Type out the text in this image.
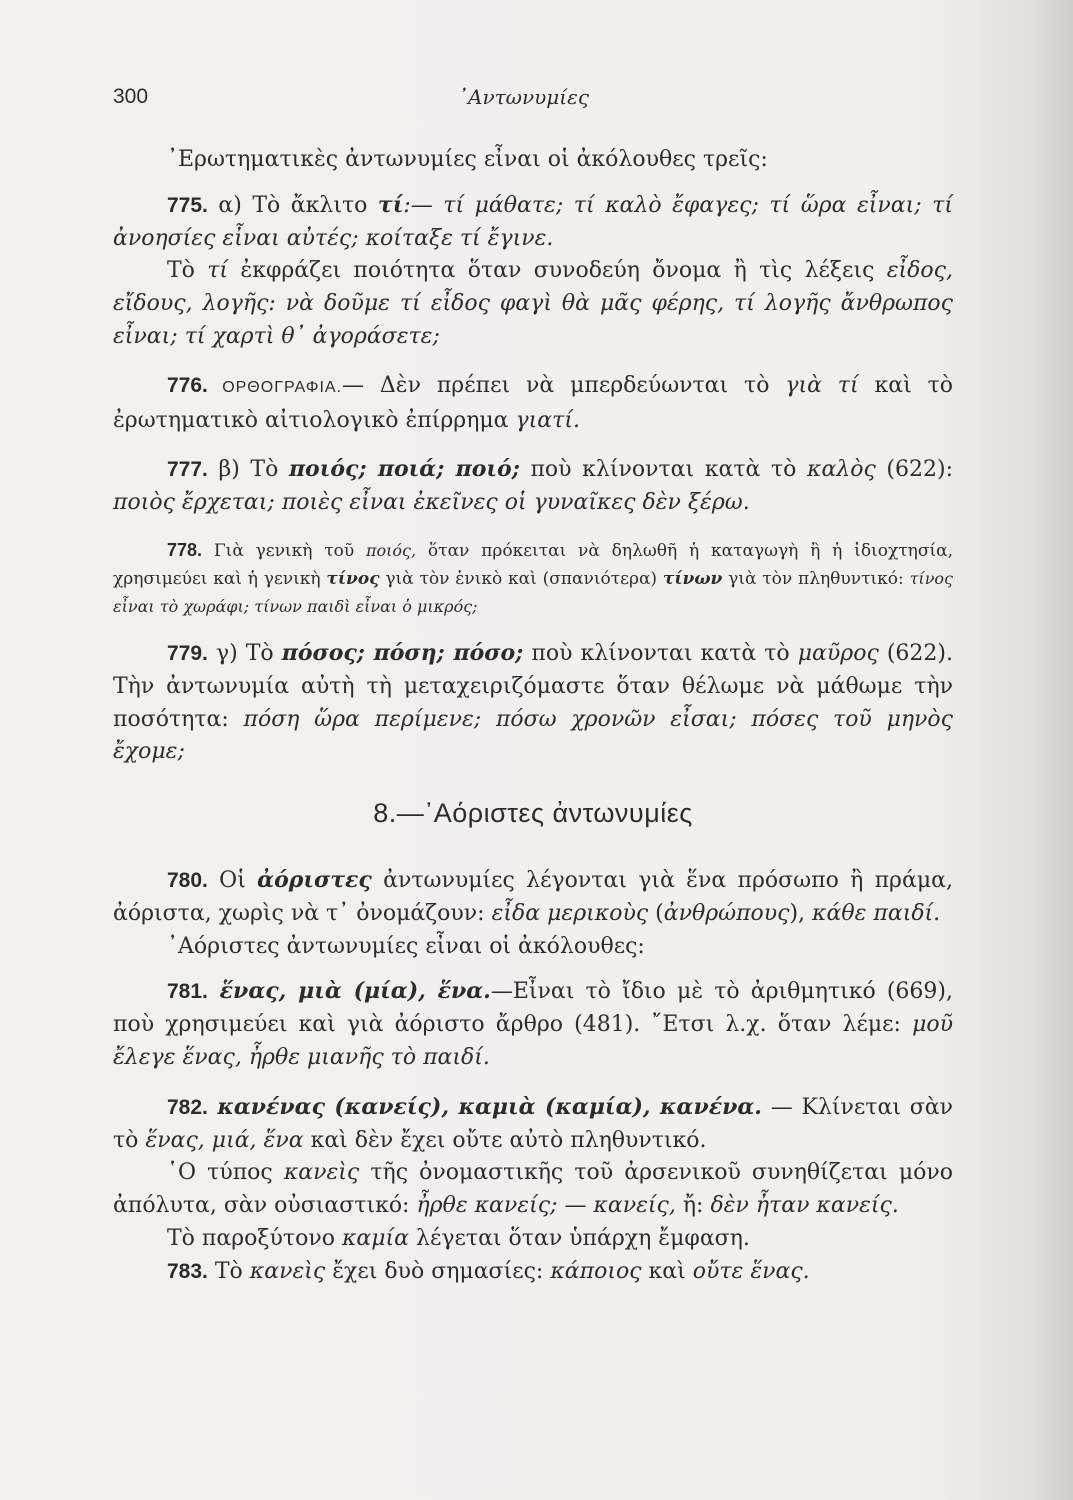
300	᾿Αντωνυμίες

᾿Ερωτηματικὲς ἀντωνυμίες εἶναι οἱ ἀκόλουθες τρεῖς:

775. α) Τὸ ἄκλιτο τί:— τί μάθατε; τί καλὸ ἔφαγες; τί ὥρα εἶναι; τί ἀνοησίες εἶναι αὐτές; κοίταξε τί ἔγινε.

Τὸ τί ἐκφράζει ποιότητα ὅταν συνοδεύη ὄνομα ἢ τὶς λέξεις εἶδος, εἴδους, λογῆς: νὰ δοῦμε τί εἶδος φαγὶ θὰ μᾶς φέρης, τί λογῆς ἄνθρωπος εἶναι; τί χαρτὶ θ᾿ ἀγοράσετε;

776. ΟΡΘΟΓΡΑΦΙΑ.— Δὲν πρέπει νὰ μπερδεύωνται τὸ γιὰ τί καὶ τὸ ἐρωτηματικὸ αἰτιολογικὸ ἐπίρρημα γιατί.

777. β) Τὸ ποιός; ποιά; ποιό; ποὺ κλίνονται κατὰ τὸ καλὸς (622): ποιὸς ἔρχεται; ποιὲς εἶναι ἐκεῖνες οἱ γυναῖκες δὲν ξέρω.

778. Γιὰ γενικὴ τοῦ ποιός, ὅταν πρόκειται νὰ δηλωθῆ ἡ καταγωγὴ ἢ ἡ ἰδιοχτησία, χρησιμεύει καὶ ἡ γενικὴ τίνος γιὰ τὸν ἑνικὸ καὶ (σπανιότερα) τίνων γιὰ τὸν πληθυντικό: τίνος εἶναι τὸ χωράφι; τίνων παιδὶ εἶναι ὁ μικρός;

779. γ) Τὸ πόσος; πόση; πόσο; ποὺ κλίνονται κατὰ τὸ μαῦρος (622). Τὴν ἀντωνυμία αὐτὴ τὴ μεταχειριζόμαστε ὅταν θέλωμε νὰ μάθωμε τὴν ποσότητα: πόση ὥρα περίμενε; πόσω χρονῶν εἶσαι; πόσες τοῦ μηνὸς ἔχομε;

8.—᾿Αόριστες ἀντωνυμίες

780. Οἱ ἀόριστες ἀντωνυμίες λέγονται γιὰ ἕνα πρόσωπο ἢ πράμα, ἀόριστα, χωρὶς νὰ τ᾿ ὀνομάζουν: εἶδα μερικοὺς (ἀνθρώπους), κάθε παιδί.

᾿Αόριστες ἀντωνυμίες εἶναι οἱ ἀκόλουθες:

781. ἕνας, μιὰ (μία), ἕνα.—Εἶναι τὸ ἴδιο μὲ τὸ ἀριθμητικό (669), ποὺ χρησιμεύει καὶ γιὰ ἀόριστο ἄρθρο (481). ῎Ετσι λ.χ. ὅταν λέμε: μοῦ ἔλεγε ἕνας, ἦρθε μιανῆς τὸ παιδί.

782. κανένας (κανείς), καμιὰ (καμία), κανένα. — Κλίνεται σὰν τὸ ἕνας, μιά, ἕνα καὶ δὲν ἔχει οὔτε αὐτὸ πληθυντικό.

῾Ο τύπος κανεὶς τῆς ὀνομαστικῆς τοῦ ἀρσενικοῦ συνηθίζεται μόνο ἀπόλυτα, σὰν οὐσιαστικό: ἦρθε κανείς; — κανείς, ἤ: δὲν ἦταν κανείς.

Τὸ παροξύτονο καμία λέγεται ὅταν ὑπάρχη ἔμφαση.

783. Τὸ κανεὶς ἔχει δυὸ σημασίες: κάποιος καὶ οὔτε ἕνας.
